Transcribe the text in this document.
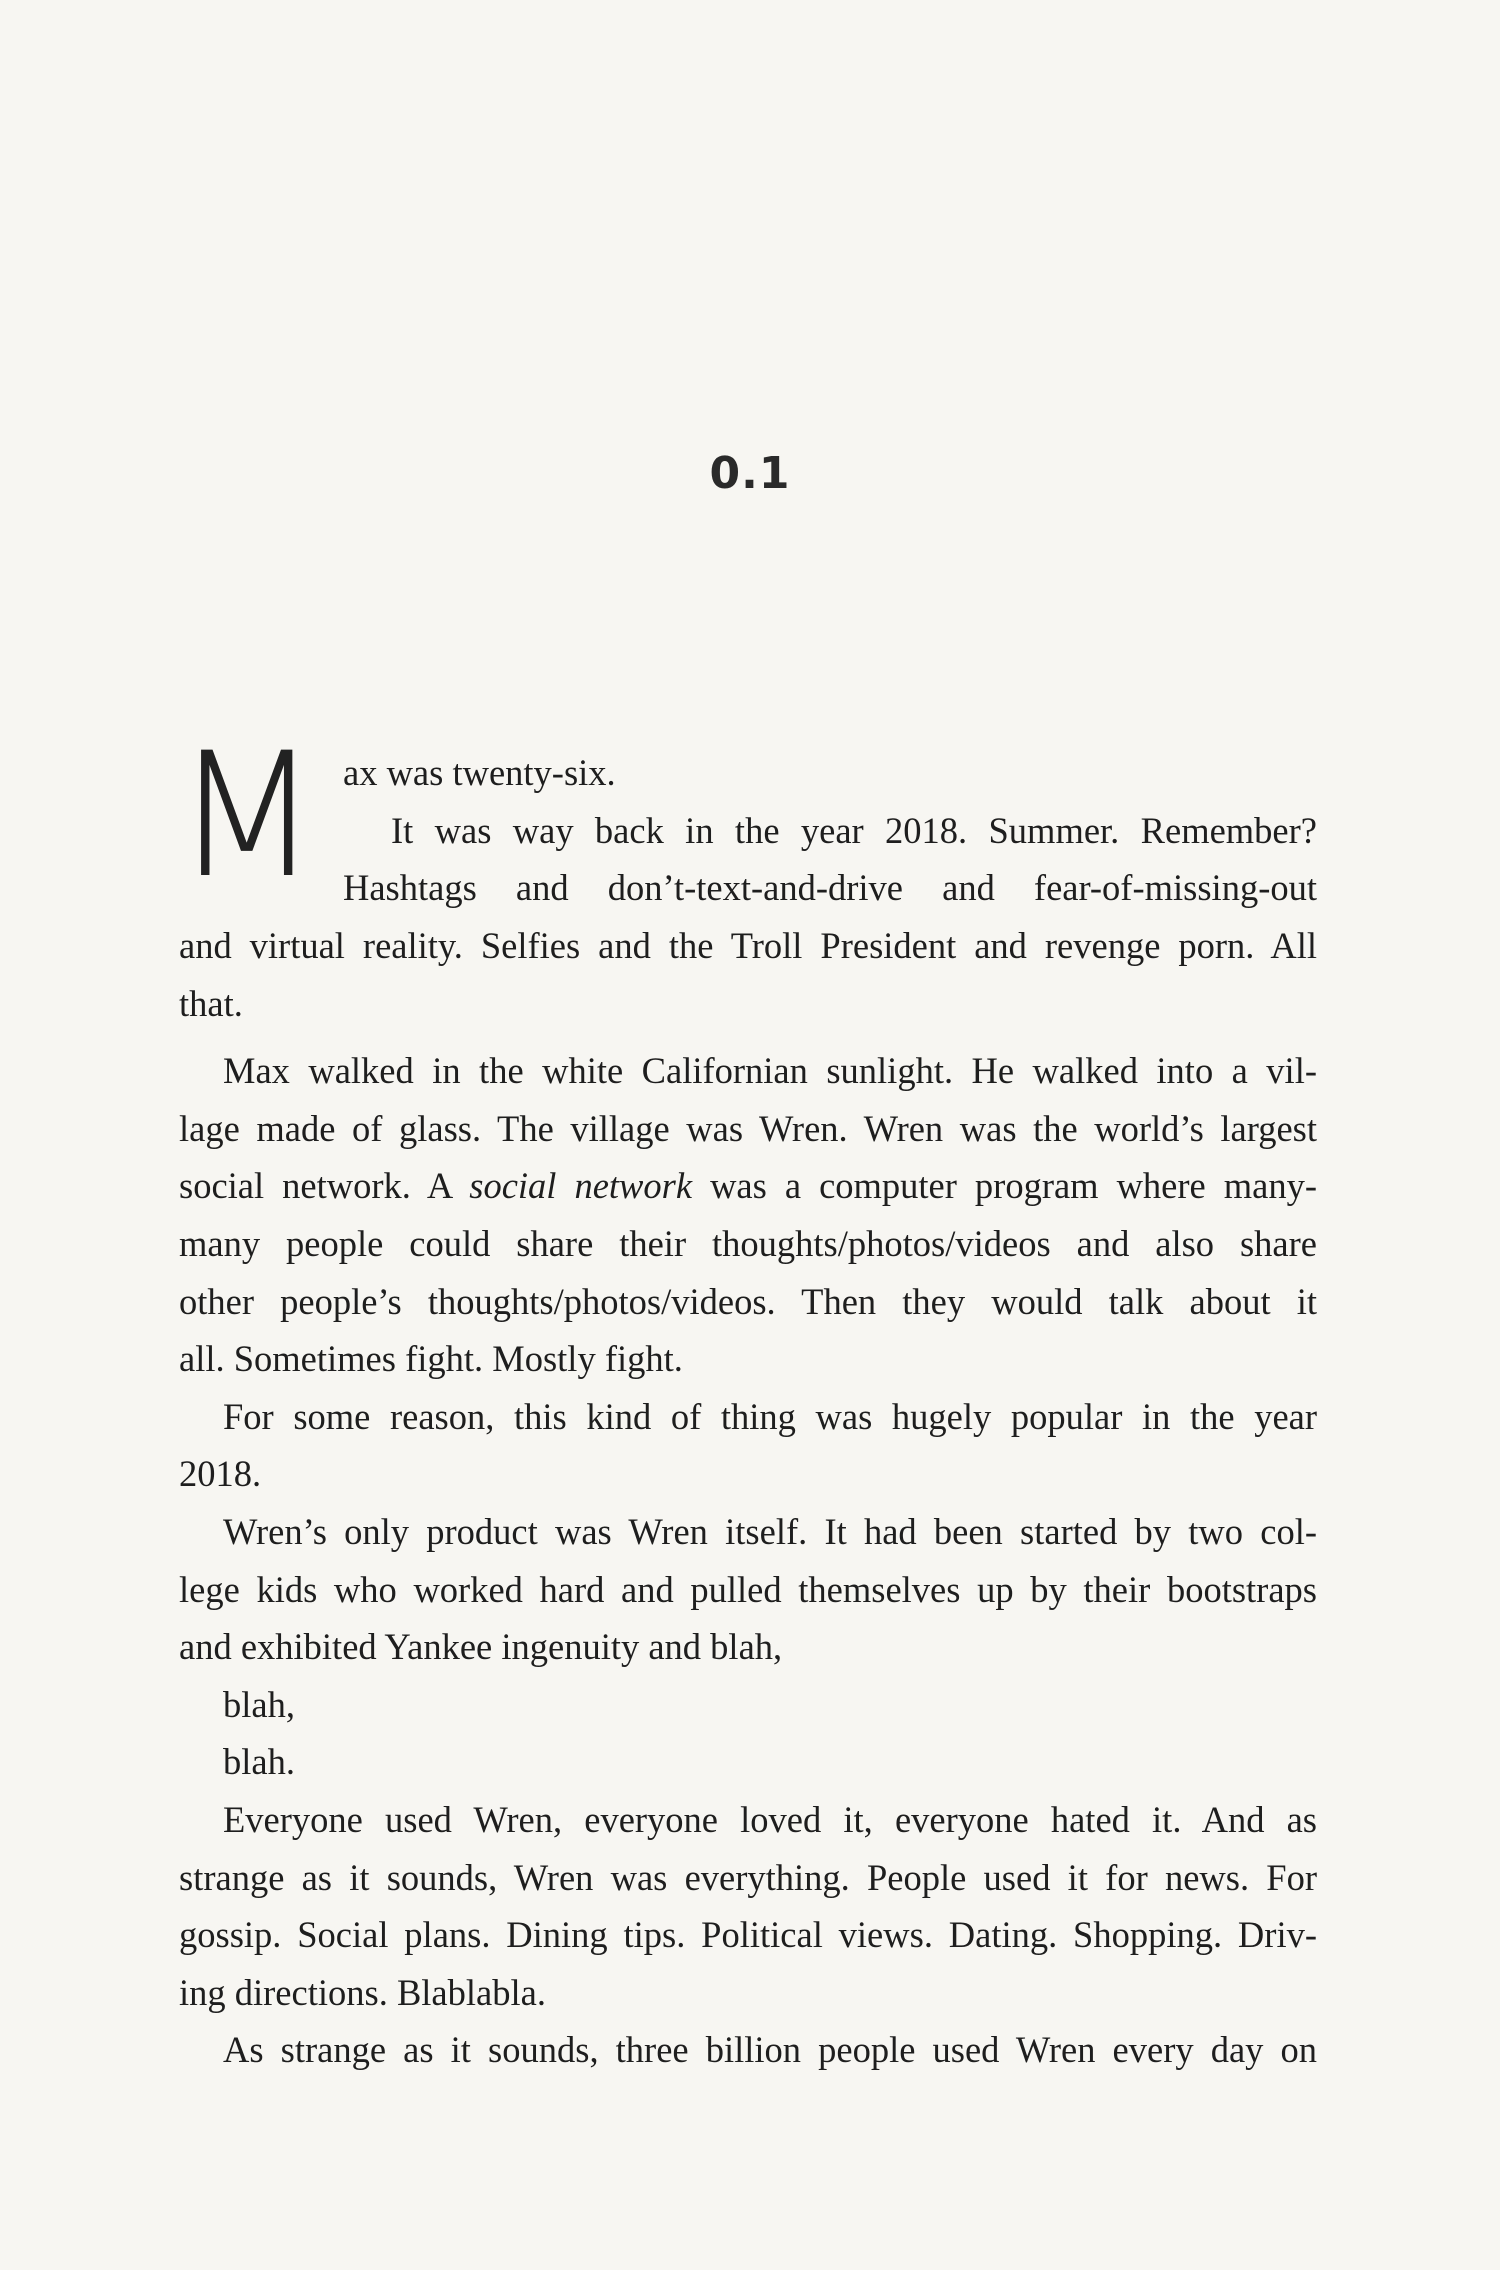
0.1
M ax was twenty-six.
It was way back in the year 2018. Summer. Remember?
Hashtags and don’t-text-and-drive and fear-of-missing-out
and virtual reality. Selfies and the Troll President and revenge porn. All
that.
Max walked in the white Californian sunlight. He walked into a vil-
lage made of glass. The village was Wren. Wren was the world’s largest
social network. A social network was a computer program where many-
many people could share their thoughts/photos/videos and also share
other people’s thoughts/photos/videos. Then they would talk about it
all. Sometimes fight. Mostly fight.
For some reason, this kind of thing was hugely popular in the year
2018.
Wren’s only product was Wren itself. It had been started by two col-
lege kids who worked hard and pulled themselves up by their bootstraps
and exhibited Yankee ingenuity and blah,
blah,
blah.
Everyone used Wren, everyone loved it, everyone hated it. And as
strange as it sounds, Wren was everything. People used it for news. For
gossip. Social plans. Dining tips. Political views. Dating. Shopping. Driv-
ing directions. Blablabla.
As strange as it sounds, three billion people used Wren every day on
